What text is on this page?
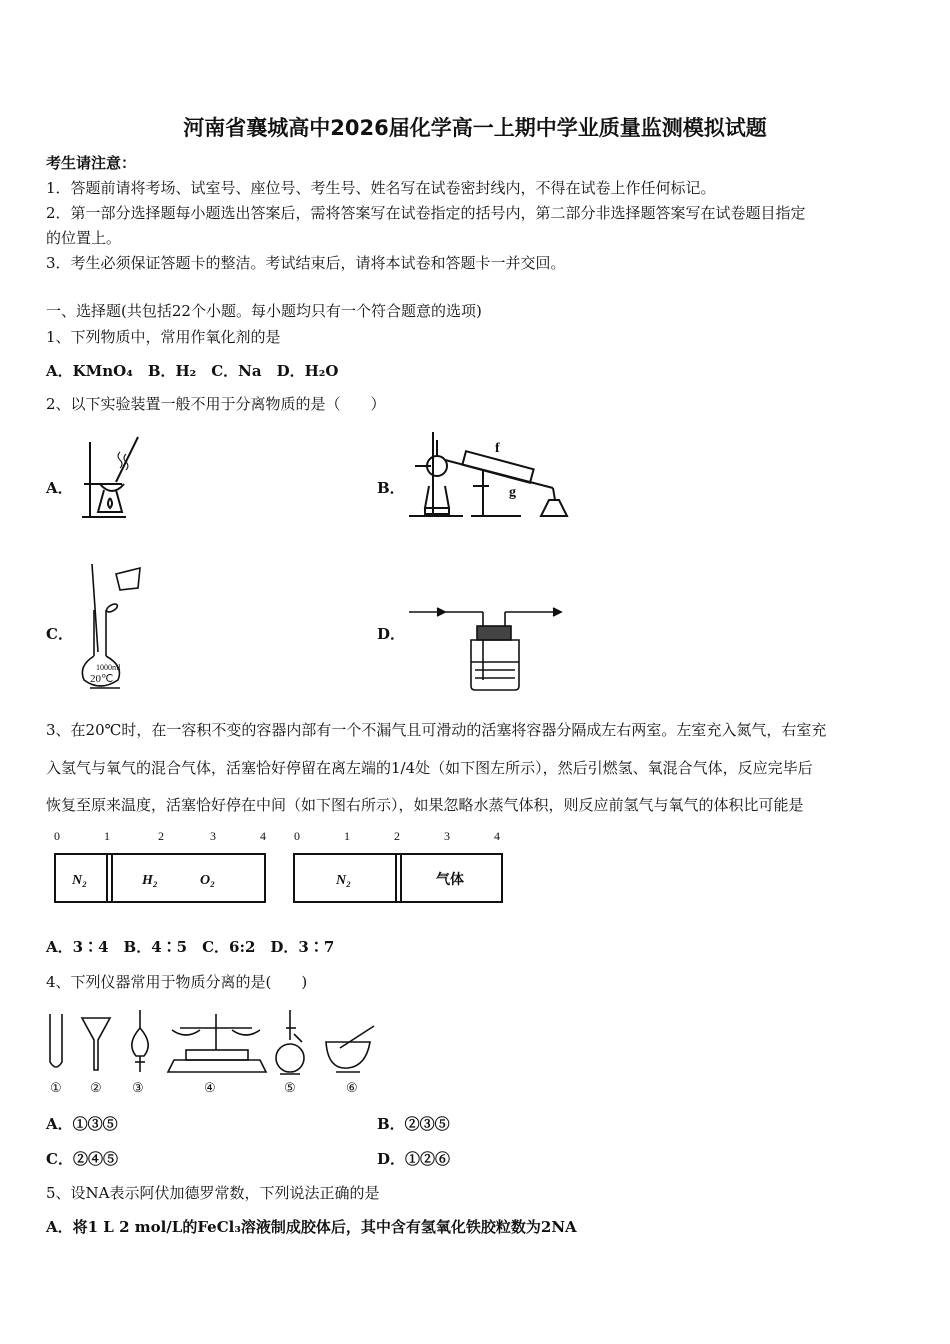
河南省襄城高中2026届化学高一上期中学业质量监测模拟试题
考生请注意：
1．答题前请将考场、试室号、座位号、考生号、姓名写在试卷密封线内，不得在试卷上作任何标记。
2．第一部分选择题每小题选出答案后，需将答案写在试卷指定的括号内，第二部分非选择题答案写在试卷题目指定
的位置上。
3．考生必须保证答题卡的整洁。考试结束后，请将本试卷和答题卡一并交回。
一、选择题(共包括22个小题。每小题均只有一个符合题意的选项)
1、下列物质中，常用作氧化剂的是
A．KMnO₄　B．H₂　C．Na　D．H₂O
2、以下实验装置一般不用于分离物质的是（　　）
A．	B．
C．	D．
f
g
1000ml
20℃
3、在20℃时，在一容积不变的容器内部有一个不漏气且可滑动的活塞将容器分隔成左右两室。左室充入氮气，右室充
入氢气与氧气的混合气体，活塞恰好停留在离左端的1/4处（如下图左所示），然后引燃氢、氧混合气体，反应完毕后
恢复至原来温度，活塞恰好停在中间（如下图右所示），如果忽略水蒸气体积，则反应前氢气与氧气的体积比可能是
0	1	2	3	4
N₂	H₂	O₂
0	1	2	3	4
N₂	气体
A．3∶4　B．4∶5　C．6:2　D．3∶7
4、下列仪器常用于物质分离的是(　　)
① ② ③	④	⑤	⑥
A．①③⑤	B．②③⑤
C．②④⑤	D．①②⑥
5、设NA表示阿伏加德罗常数，下列说法正确的是
A．将1 L 2 mol/L的FeCl₃溶液制成胶体后，其中含有氢氧化铁胶粒数为2NA
